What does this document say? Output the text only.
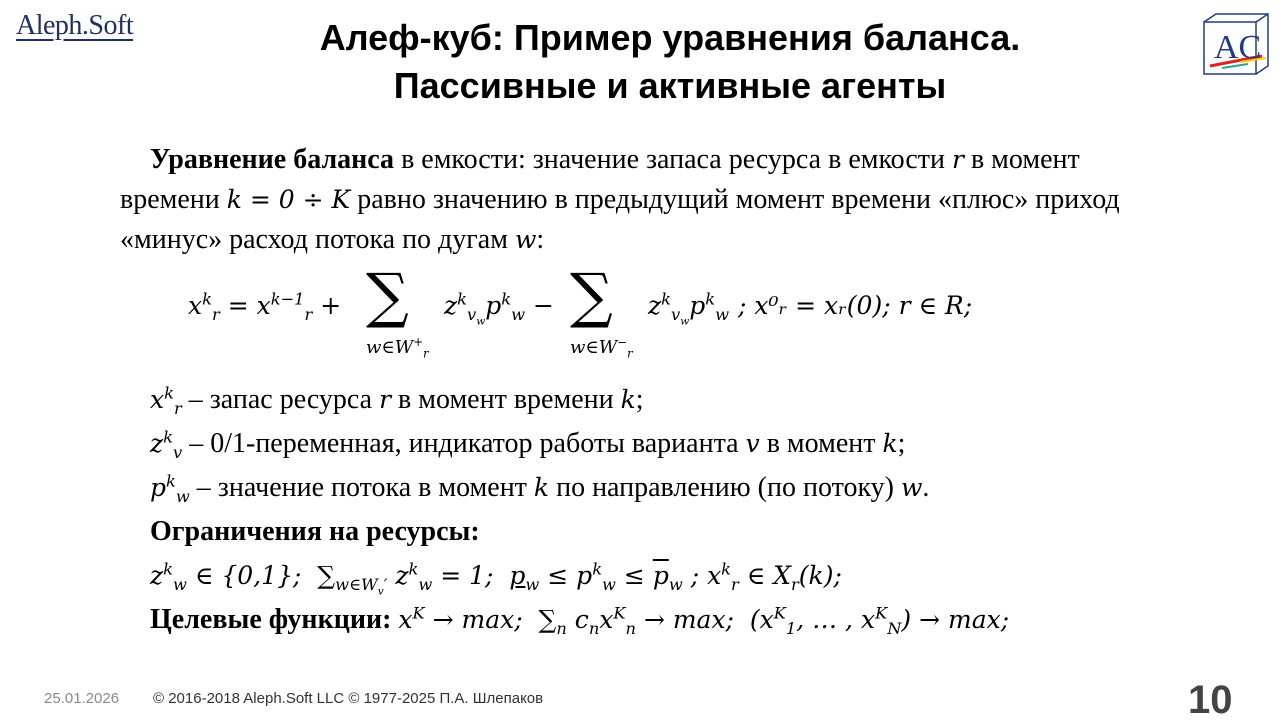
Aleph.Soft	Алеф-куб: Пример уравнения баланса.
Пассивные и активные агенты
AC

Уравнение баланса в емкости: значение запаса ресурса в емкости r в момент времени k = 0 ÷ K равно значению в предыдущий момент времени «плюс» приход «минус» расход потока по дугам w:

$x^k_r = x^{k-1}_r$ + ∑
$w\in W^+_r$
$z^k_{v_w}p^k_w$ − ∑
$w\in W^-_r$
$z^k_{v_w}p^k_w$ ; x⁰ᵣ = xᵣ(0); r ∈ R;
$x^k_r$ – запас ресурса r в момент времени k;
$z^k_v$ – 0/1-переменная, индикатор работы варианта v в момент k;
$p^k_w$ – значение потока в момент k по направлению (по потоку) w.
Ограничения на ресурсы:
$z^k_w$ ∈ {0,1};  $\sum_{w\in W_v'}$ $z^k_w = 1$;  $p_w \le p^k_w \le \overline{p}_w$ ; $x^k_r$ ∈ $X_r(k)$;
Целевые функции: $x^K \to \max$;  $\sum_n$ $c_nx^K_n \to \max$;  ($x^K_1$, … , $x^K_N) \to \max$;
25.01.2026 © 2016-2018 Aleph.Soft LLC © 1977-2025 П.А. Шлепаков	10
